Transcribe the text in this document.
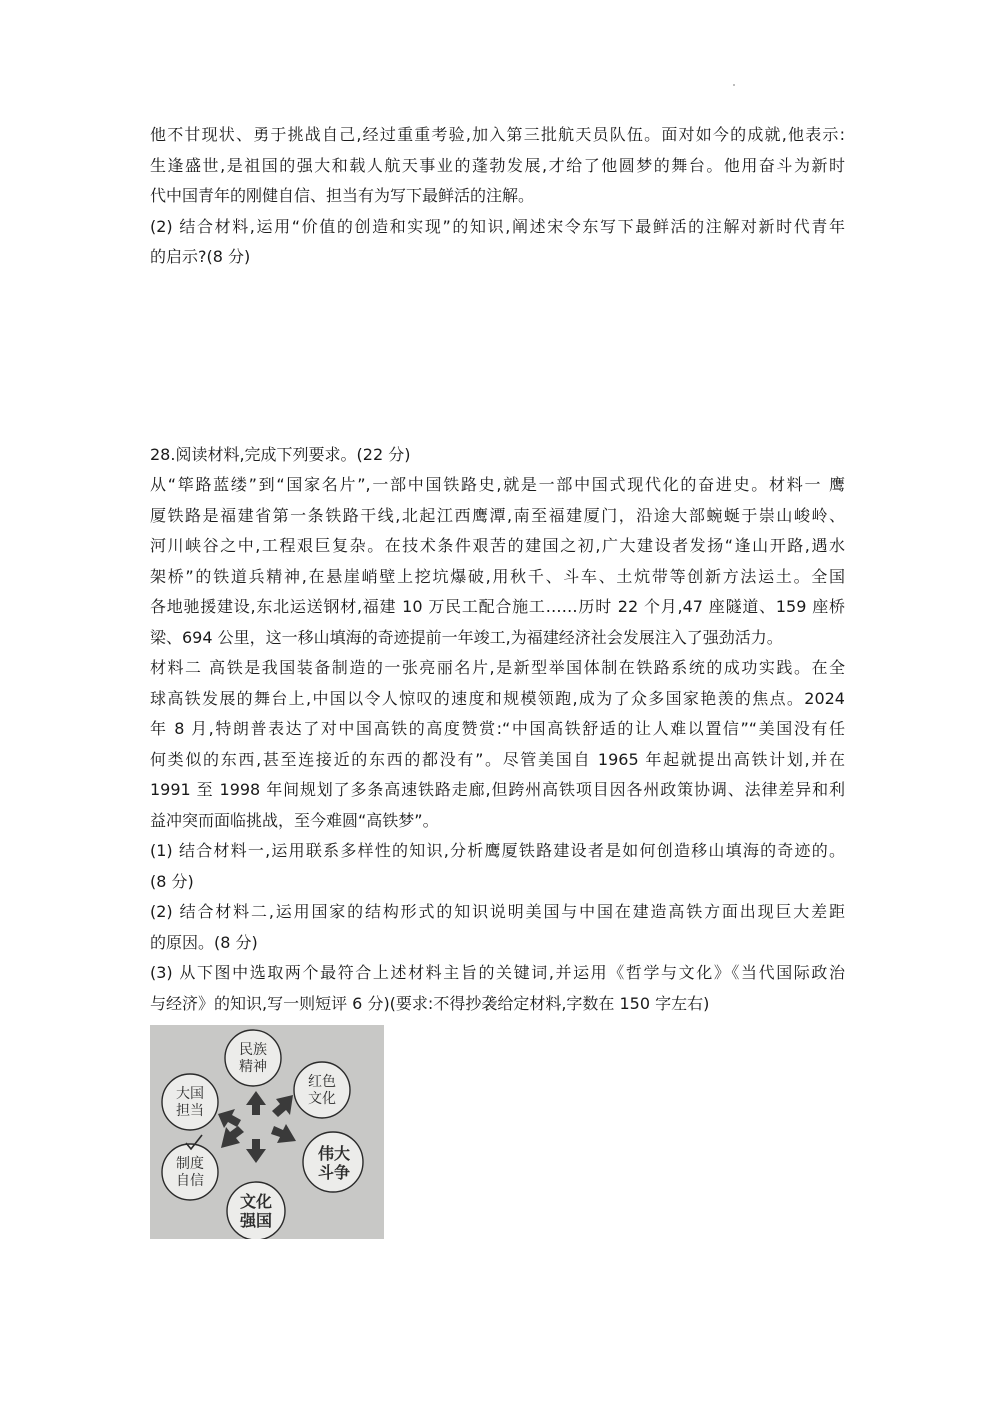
他不甘现状、勇于挑战自己,经过重重考验,加入第三批航天员队伍。面对如今的成就,他表示:
生逢盛世,是祖国的强大和载人航天事业的蓬勃发展,才给了他圆梦的舞台。他用奋斗为新时
代中国青年的刚健自信、担当有为写下最鲜活的注解。
(2) 结合材料,运用“价值的创造和实现”的知识,阐述宋令东写下最鲜活的注解对新时代青年
的启示?(8 分)
28.阅读材料,完成下列要求。(22 分)
从“筚路蓝缕”到“国家名片”,一部中国铁路史,就是一部中国式现代化的奋进史。材料一 鹰
厦铁路是福建省第一条铁路干线,北起江西鹰潭,南至福建厦门，沿途大部蜿蜒于崇山峻岭、
河川峡谷之中,工程艰巨复杂。在技术条件艰苦的建国之初,广大建设者发扬“逢山开路,遇水
架桥”的铁道兵精神,在悬崖峭壁上挖坑爆破,用秋千、斗车、土炕带等创新方法运土。全国
各地驰援建设,东北运送钢材,福建 10 万民工配合施工……历时 22 个月,47 座隧道、159 座桥
梁、694 公里，这一移山填海的奇迹提前一年竣工,为福建经济社会发展注入了强劲活力。
材料二 高铁是我国装备制造的一张亮丽名片,是新型举国体制在铁路系统的成功实践。在全
球高铁发展的舞台上,中国以令人惊叹的速度和规模领跑,成为了众多国家艳羡的焦点。2024
年 8 月,特朗普表达了对中国高铁的高度赞赏:“中国高铁舒适的让人难以置信”“美国没有任
何类似的东西,甚至连接近的东西的都没有”。尽管美国自 1965 年起就提出高铁计划,并在
1991 至 1998 年间规划了多条高速铁路走廊,但跨州高铁项目因各州政策协调、法律差异和利
益冲突而面临挑战，至今难圆“高铁梦”。
(1) 结合材料一,运用联系多样性的知识,分析鹰厦铁路建设者是如何创造移山填海的奇迹的。
(8 分)
(2) 结合材料二,运用国家的结构形式的知识说明美国与中国在建造高铁方面出现巨大差距
的原因。(8 分)
(3) 从下图中选取两个最符合上述材料主旨的关键词,并运用《哲学与文化》《当代国际政治
与经济》的知识,写一则短评 6 分)(要求:不得抄袭给定材料,字数在 150 字左右)
民族
精神
红色
文化
伟大
斗争
文化
强国
制度
自信
大国
担当
